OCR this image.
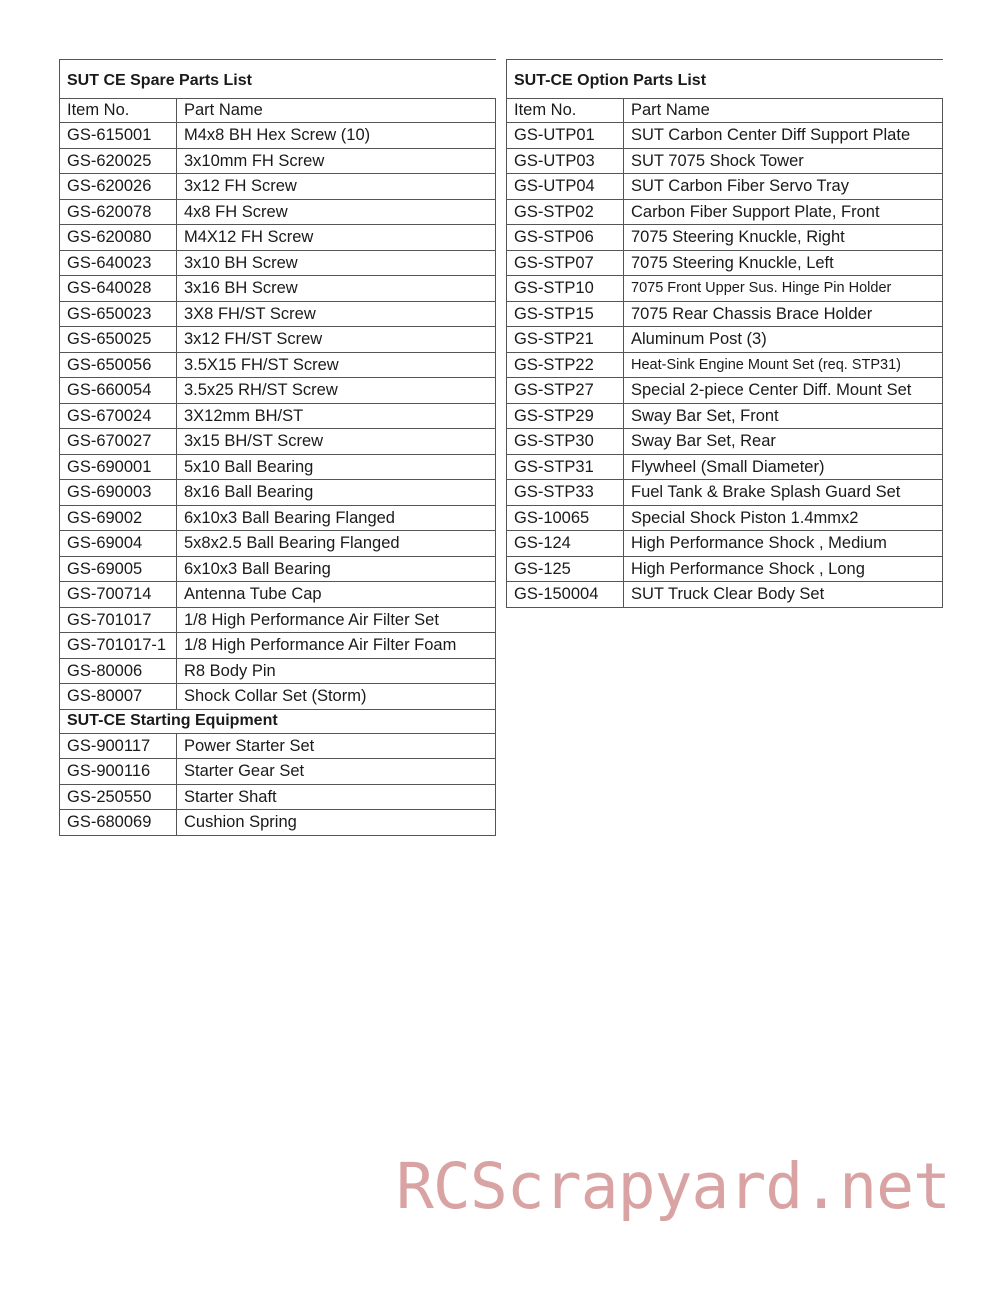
SUT CE Spare Parts List	
Item No.	Part Name
GS-615001	M4x8 BH Hex Screw (10)
GS-620025	3x10mm FH Screw
GS-620026	3x12 FH Screw
GS-620078	4x8 FH Screw
GS-620080	M4X12 FH Screw
GS-640023	3x10 BH Screw
GS-640028	3x16 BH Screw
GS-650023	3X8 FH/ST Screw
GS-650025	3x12 FH/ST Screw
GS-650056	3.5X15 FH/ST Screw
GS-660054	3.5x25 RH/ST Screw
GS-670024	3X12mm BH/ST
GS-670027	3x15 BH/ST Screw
GS-690001	5x10 Ball Bearing
GS-690003	8x16 Ball Bearing
GS-69002	6x10x3 Ball Bearing Flanged
GS-69004	5x8x2.5 Ball Bearing Flanged
GS-69005	6x10x3 Ball Bearing
GS-700714	Antenna Tube Cap
GS-701017	1/8 High Performance Air Filter Set
GS-701017-1	1/8 High Performance Air Filter Foam
GS-80006	R8 Body Pin
GS-80007	Shock Collar Set (Storm)
SUT-CE Starting Equipment	
GS-900117	Power Starter Set
GS-900116	Starter Gear Set
GS-250550	Starter Shaft
GS-680069	Cushion Spring
SUT-CE Option Parts List	
Item No.	Part Name
GS-UTP01	SUT Carbon Center Diff Support Plate
GS-UTP03	SUT 7075 Shock Tower
GS-UTP04	SUT Carbon Fiber Servo Tray
GS-STP02	Carbon Fiber Support Plate, Front
GS-STP06	7075 Steering Knuckle, Right
GS-STP07	7075 Steering Knuckle, Left
GS-STP10	7075 Front Upper Sus. Hinge Pin Holder
GS-STP15	7075 Rear Chassis Brace Holder
GS-STP21	Aluminum Post (3)
GS-STP22	Heat-Sink Engine Mount Set (req. STP31)
GS-STP27	Special 2-piece Center Diff. Mount Set
GS-STP29	Sway Bar Set, Front
GS-STP30	Sway Bar Set, Rear
GS-STP31	Flywheel (Small Diameter)
GS-STP33	Fuel Tank & Brake Splash Guard Set
GS-10065	Special Shock Piston 1.4mmx2
GS-124	High Performance Shock , Medium
GS-125	High Performance Shock , Long
GS-150004	SUT Truck Clear Body Set
RCScrapyard.net
